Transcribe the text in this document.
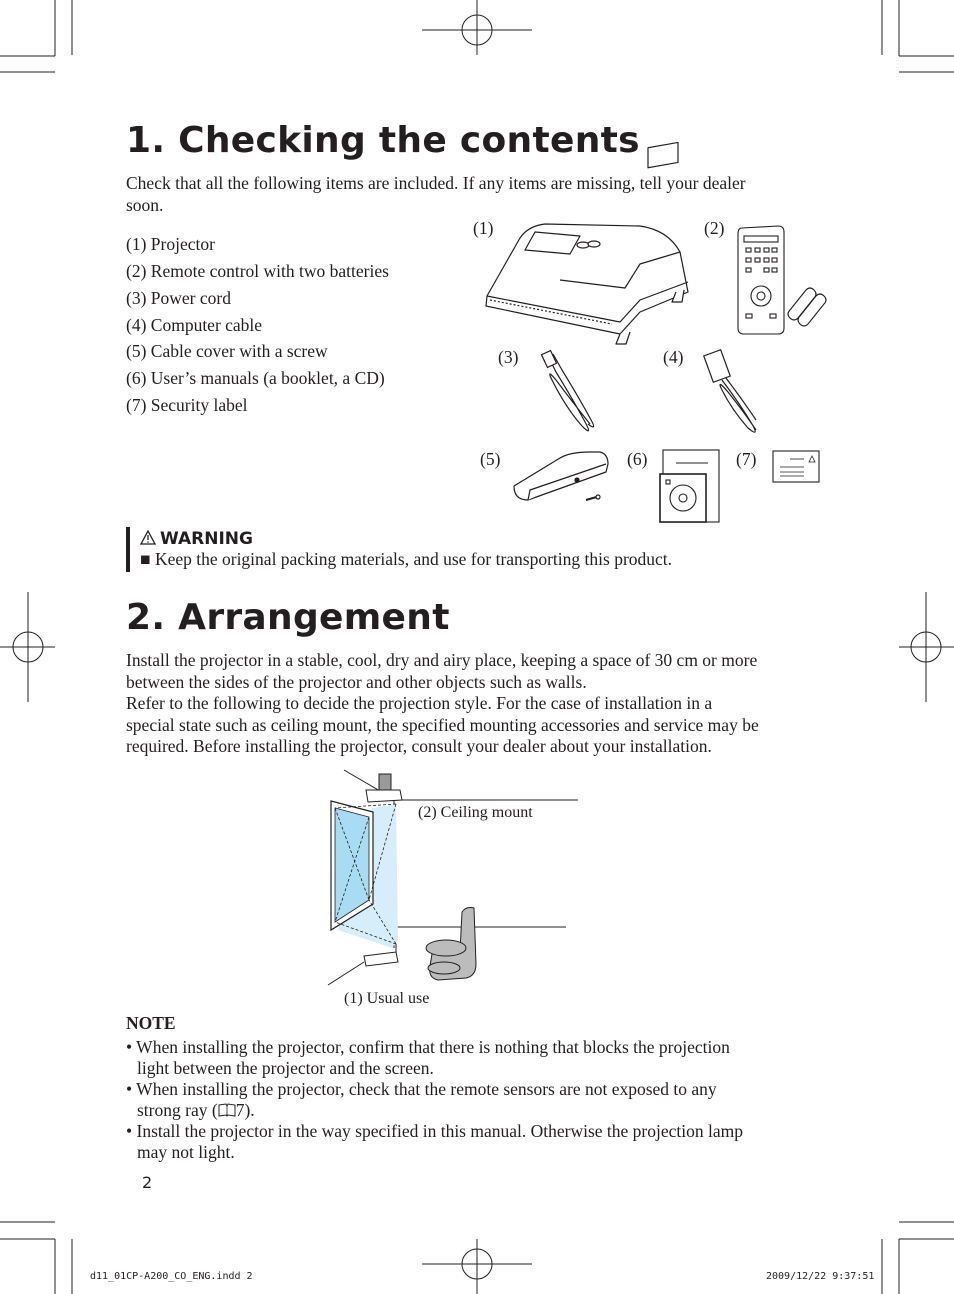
1. Checking the contents
Check that all the following items are included. If any items are missing, tell your dealer
soon.
(1) Projector
(2) Remote control with two batteries
(3) Power cord
(4) Computer cable
(5) Cable cover with a screw
(6) User’s manuals (a booklet, a CD)
(7) Security label
(1)	(2)
(3)	(4)
(5)	(6)	(7)
WARNING
■ Keep the original packing materials, and use for transporting this product.
2. Arrangement
Install the projector in a stable, cool, dry and airy place, keeping a space of 30 cm or more
between the sides of the projector and other objects such as walls.
Refer to the following to decide the projection style. For the case of installation in a
special state such as ceiling mount, the specified mounting accessories and service may be
required. Before installing the projector, consult your dealer about your installation.
(2) Ceiling mount
(1) Usual use
NOTE
• When installing the projector, confirm that there is nothing that blocks the projection
light between the projector and the screen.
• When installing the projector, check that the remote sensors are not exposed to any
strong ray ( 7).
• Install the projector in the way specified in this manual. Otherwise the projection lamp
may not light.
2
d11_01CP-A200_CO_ENG.indd 2	2009/12/22 9:37:51
